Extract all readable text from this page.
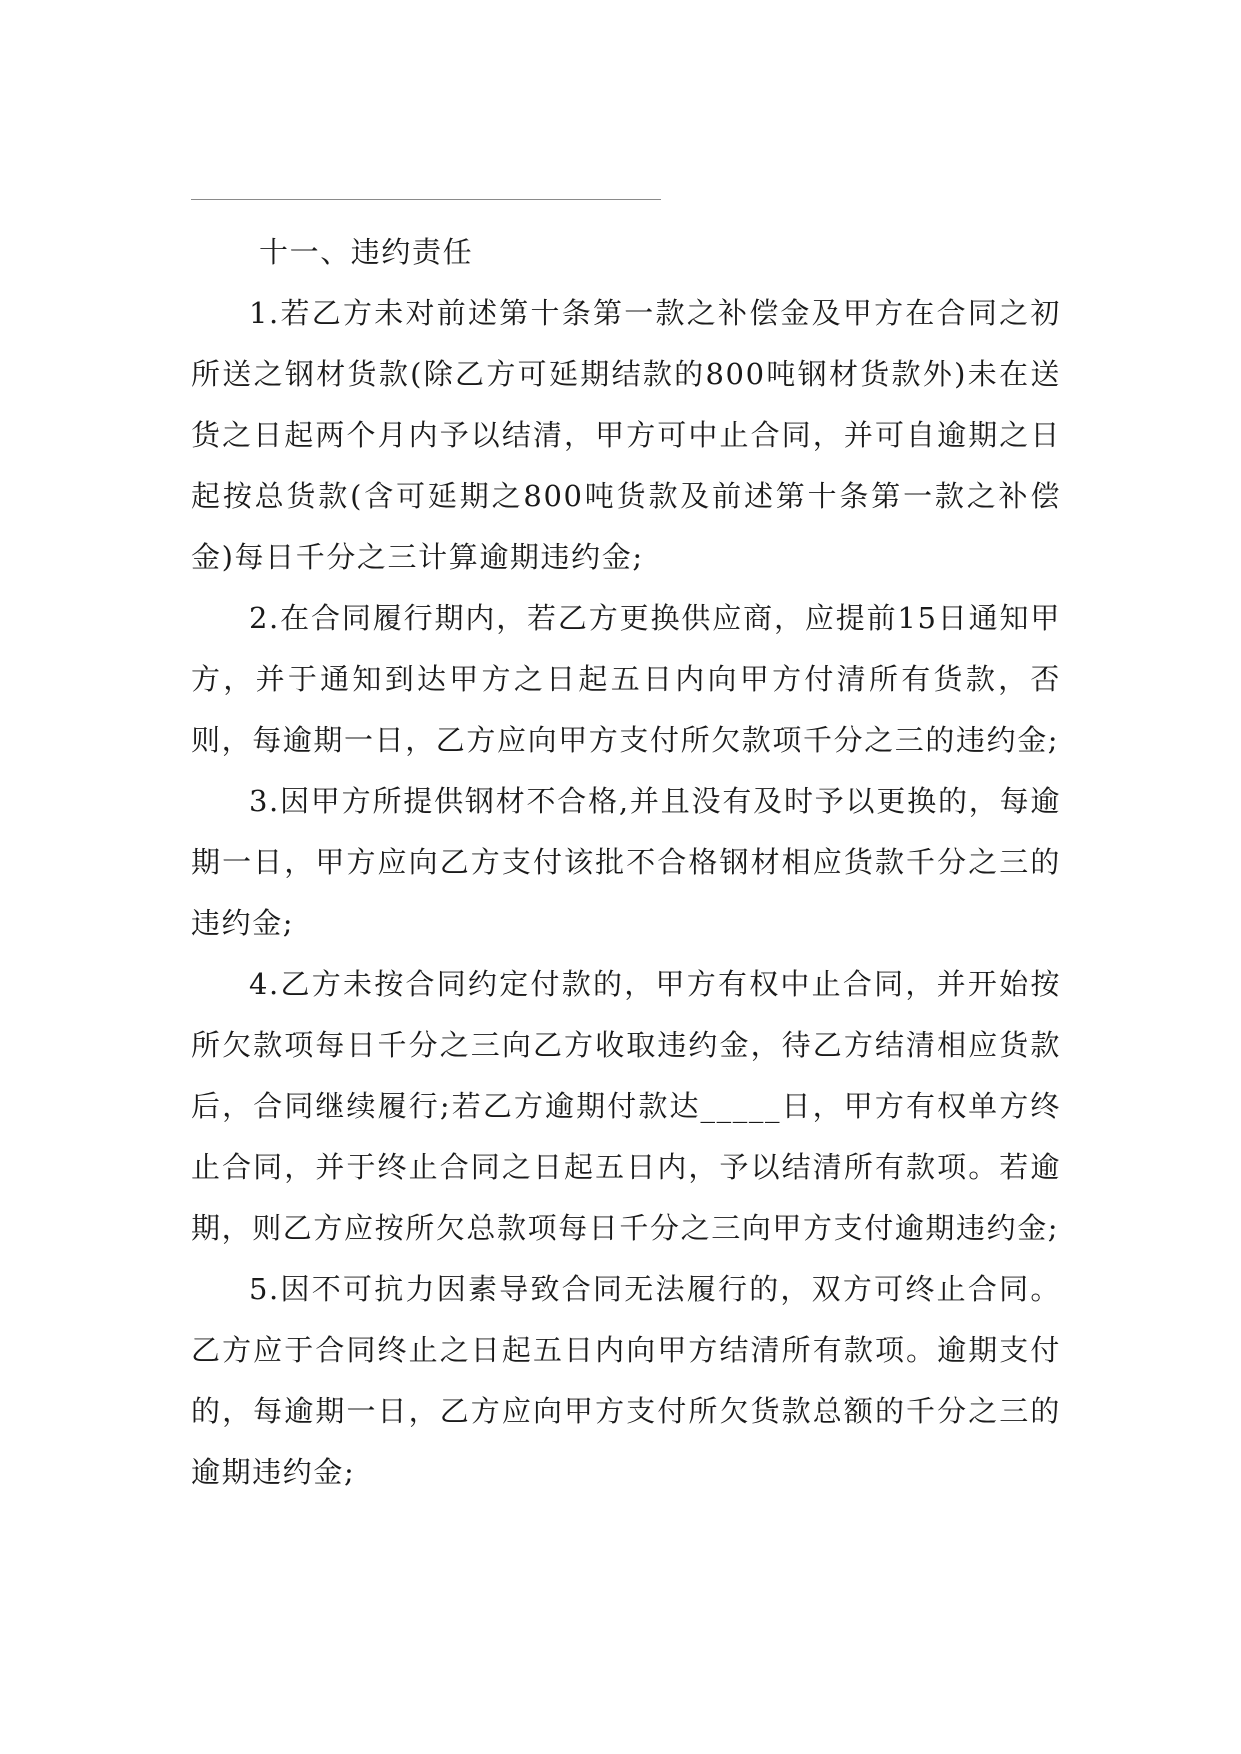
十一、违约责任

1.若乙方未对前述第十条第一款之补偿金及甲方在合同之初所送之钢材货款(除乙方可延期结款的800吨钢材货款外)未在送货之日起两个月内予以结清，甲方可中止合同，并可自逾期之日起按总货款(含可延期之800吨货款及前述第十条第一款之补偿金)每日千分之三计算逾期违约金;

2.在合同履行期内，若乙方更换供应商，应提前15日通知甲方，并于通知到达甲方之日起五日内向甲方付清所有货款，否则，每逾期一日，乙方应向甲方支付所欠款项千分之三的违约金;

3.因甲方所提供钢材不合格,并且没有及时予以更换的，每逾期一日，甲方应向乙方支付该批不合格钢材相应货款千分之三的违约金;

4.乙方未按合同约定付款的，甲方有权中止合同，并开始按所欠款项每日千分之三向乙方收取违约金，待乙方结清相应货款后，合同继续履行;若乙方逾期付款达_____日，甲方有权单方终止合同，并于终止合同之日起五日内，予以结清所有款项。若逾期，则乙方应按所欠总款项每日千分之三向甲方支付逾期违约金;

5.因不可抗力因素导致合同无法履行的，双方可终止合同。乙方应于合同终止之日起五日内向甲方结清所有款项。逾期支付的，每逾期一日，乙方应向甲方支付所欠货款总额的千分之三的逾期违约金;
